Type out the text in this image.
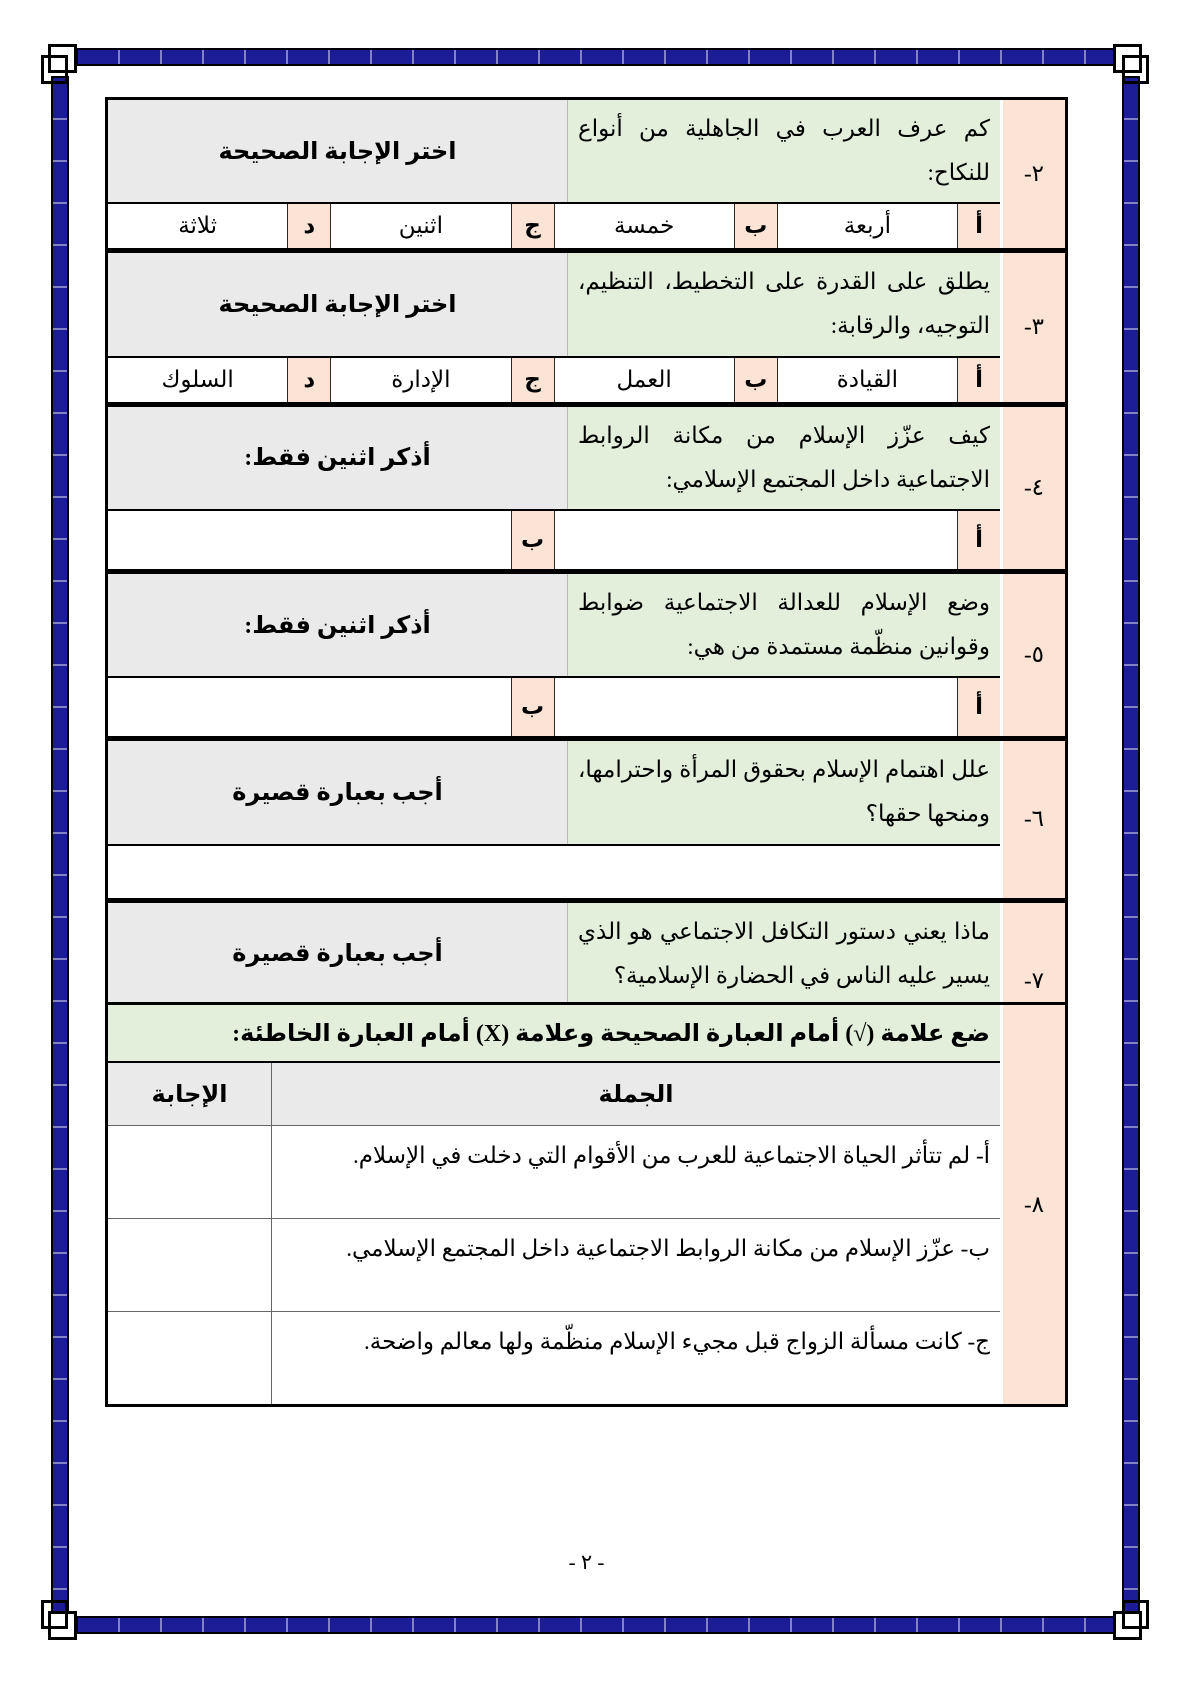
٢-
كم عرف العرب في الجاهلية من أنواع للنكاح:
اختر الإجابة الصحيحة
أ
أربعة
ب
خمسة
ج
اثنين
د
ثلاثة
٣-
يطلق على القدرة على التخطيط، التنظيم، التوجيه، والرقابة:
اختر الإجابة الصحيحة
أ
القيادة
ب
العمل
ج
الإدارة
د
السلوك
٤-
كيف عزّز الإسلام من مكانة الروابط الاجتماعية داخل المجتمع الإسلامي:
أذكر اثنين فقط:
أ
ب
٥-
وضع الإسلام للعدالة الاجتماعية ضوابط وقوانين منظّمة مستمدة من هي:
أذكر اثنين فقط:
أ
ب
٦-
علل اهتمام الإسلام بحقوق المرأة واحترامها، ومنحها حقها؟
أجب بعبارة قصيرة
٧-
ماذا يعني دستور التكافل الاجتماعي هو الذي يسير عليه الناس في الحضارة الإسلامية؟
أجب بعبارة قصيرة
٨-
ضع علامة (√) أمام العبارة الصحيحة وعلامة (X) أمام العبارة الخاطئة:
الجملة
الإجابة
أ- لم تتأثر الحياة الاجتماعية للعرب من الأقوام التي دخلت في الإسلام.
ب- عزّز الإسلام من مكانة الروابط الاجتماعية داخل المجتمع الإسلامي.
ج- كانت مسألة الزواج قبل مجيء الإسلام منظّمة ولها معالم واضحة.
- ٢ -
